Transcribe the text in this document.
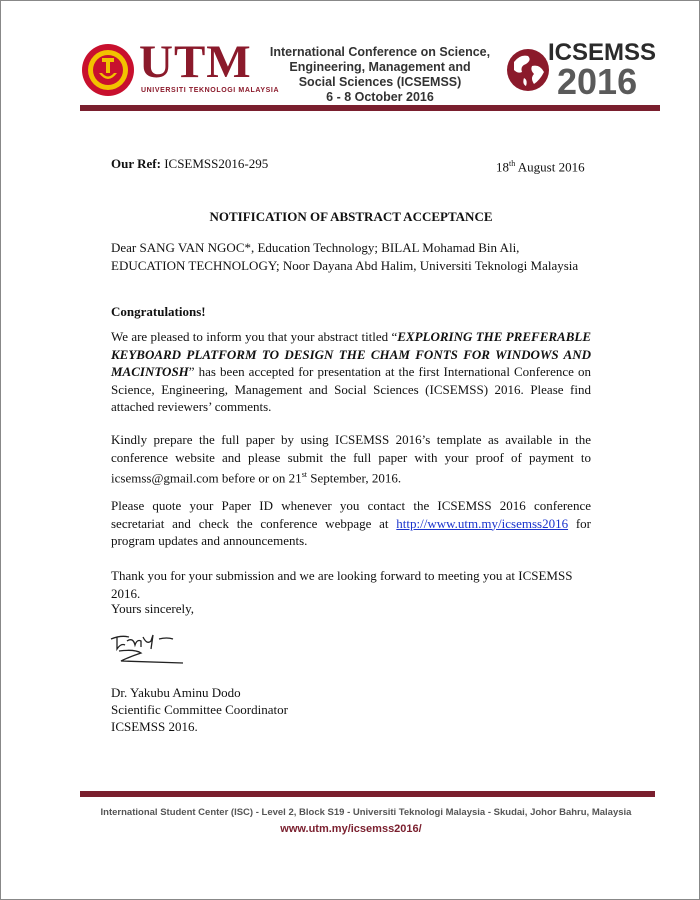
UTM
UNIVERSITI TEKNOLOGI MALAYSIA
International Conference on Science,
Engineering, Management and
Social Sciences (ICSEMSS)
6 - 8 October 2016
ICSEMSS
2016
Our Ref: ICSEMSS2016-295	18th August 2016
NOTIFICATION OF ABSTRACT ACCEPTANCE

Dear SANG VAN NGOC*, Education Technology; BILAL Mohamad Bin Ali, EDUCATION TECHNOLOGY; Noor Dayana Abd Halim, Universiti Teknologi Malaysia

Congratulations!

We are pleased to inform you that your abstract titled “EXPLORING THE PREFERABLE KEYBOARD PLATFORM TO DESIGN THE CHAM FONTS FOR WINDOWS AND MACINTOSH” has been accepted for presentation at the first International Conference on Science, Engineering, Management and Social Sciences (ICSEMSS) 2016. Please find attached reviewers’ comments.

Kindly prepare the full paper by using ICSEMSS 2016’s template as available in the conference website and please submit the full paper with your proof of payment to icsemss@gmail.com before or on 21st September, 2016.

Please quote your Paper ID whenever you contact the ICSEMSS 2016 conference secretariat and check the conference webpage at http://www.utm.my/icsemss2016 for program updates and announcements.

Thank you for your submission and we are looking forward to meeting you at ICSEMSS 2016.

Yours sincerely,
Dr. Yakubu Aminu Dodo
Scientific Committee Coordinator
ICSEMSS 2016.
International Student Center (ISC) - Level 2, Block S19 - Universiti Teknologi Malaysia - Skudai, Johor Bahru, Malaysia
www.utm.my/icsemss2016/
